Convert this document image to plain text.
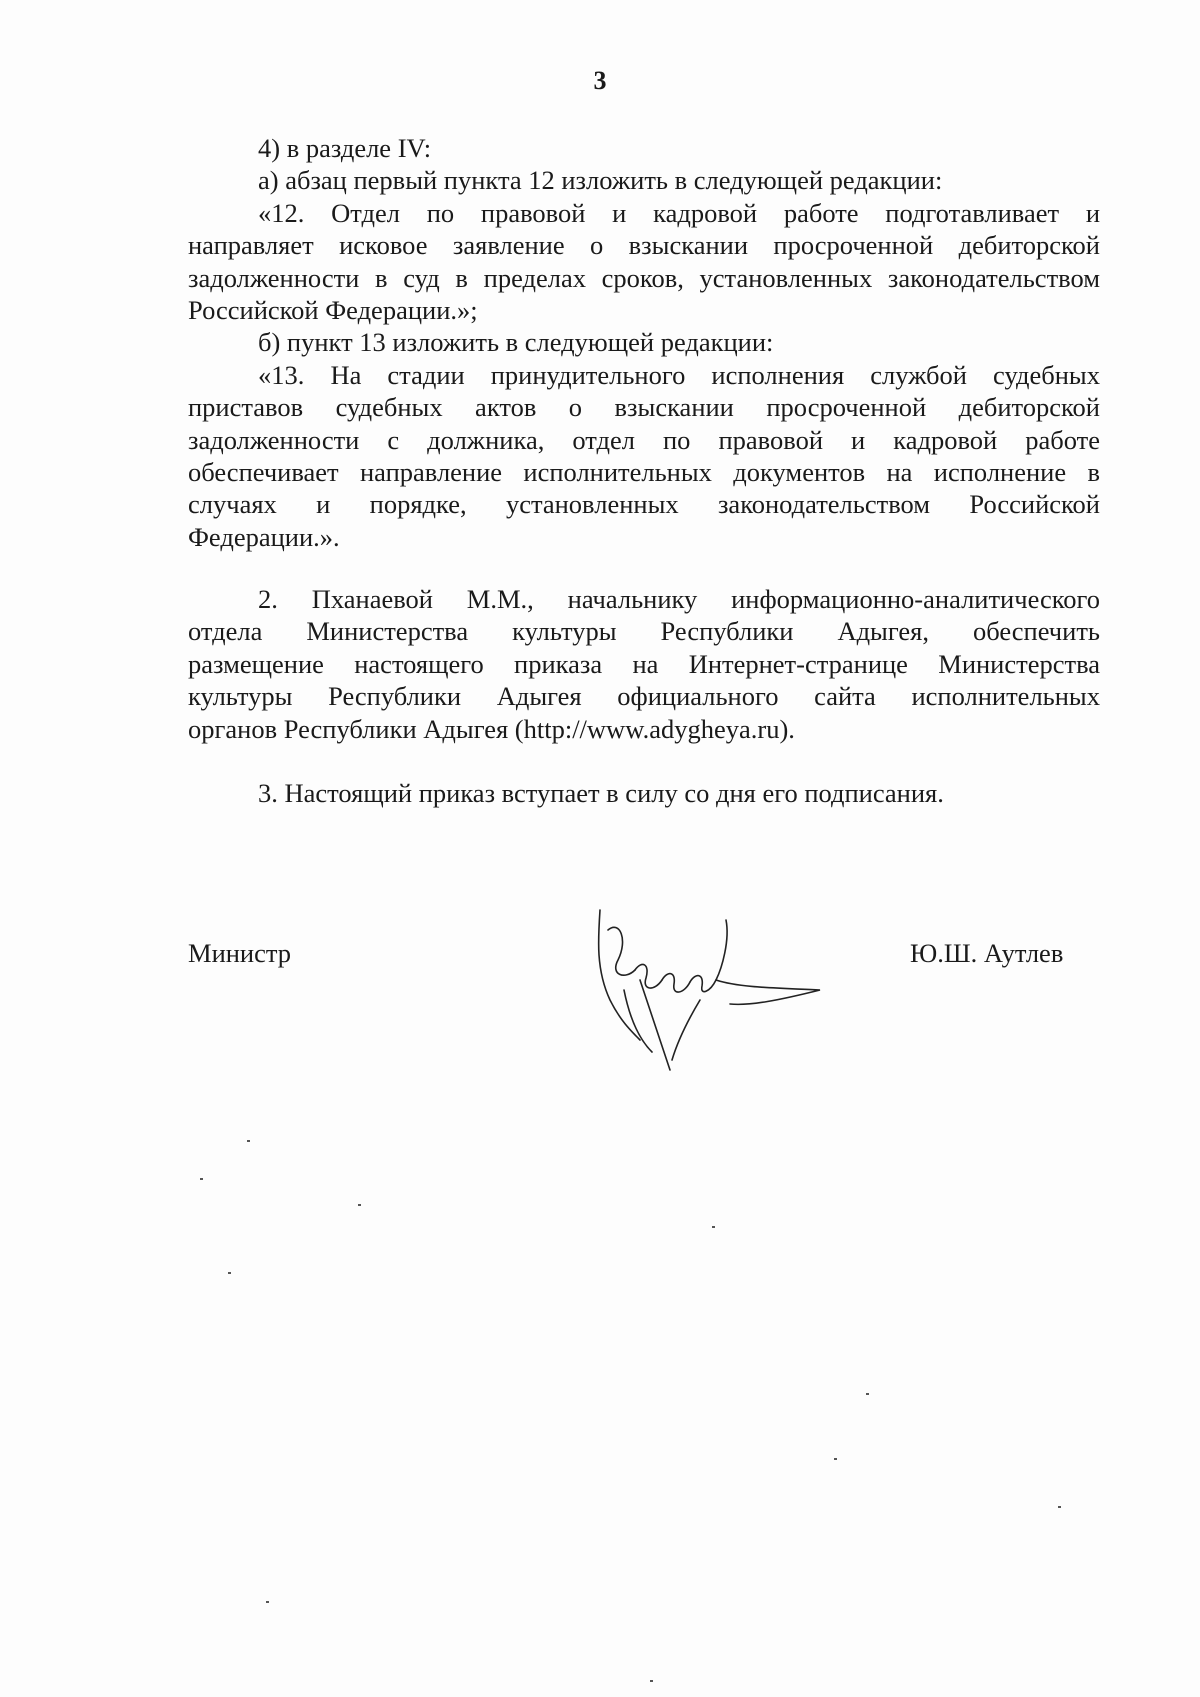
3
4) в разделе IV:
а) абзац первый пункта 12 изложить в следующей редакции:
«12. Отдел по правовой и кадровой работе подготавливает и
направляет исковое заявление о взыскании просроченной дебиторской
задолженности в суд в пределах сроков, установленных законодательством
Российской Федерации.»;
б) пункт 13 изложить в следующей редакции:
«13. На стадии принудительного исполнения службой судебных
приставов судебных актов о взыскании просроченной дебиторской
задолженности с должника, отдел по правовой и кадровой работе
обеспечивает направление исполнительных документов на исполнение в
случаях и порядке, установленных законодательством Российской
Федерации.».
2. Пханаевой М.М., начальнику информационно-аналитического
отдела Министерства культуры Республики Адыгея, обеспечить
размещение настоящего приказа на Интернет-странице Министерства
культуры Республики Адыгея официального сайта исполнительных
органов Республики Адыгея (http://www.adygheya.ru).
3. Настоящий приказ вступает в силу со дня его подписания.
Министр	Ю.Ш. Аутлев
